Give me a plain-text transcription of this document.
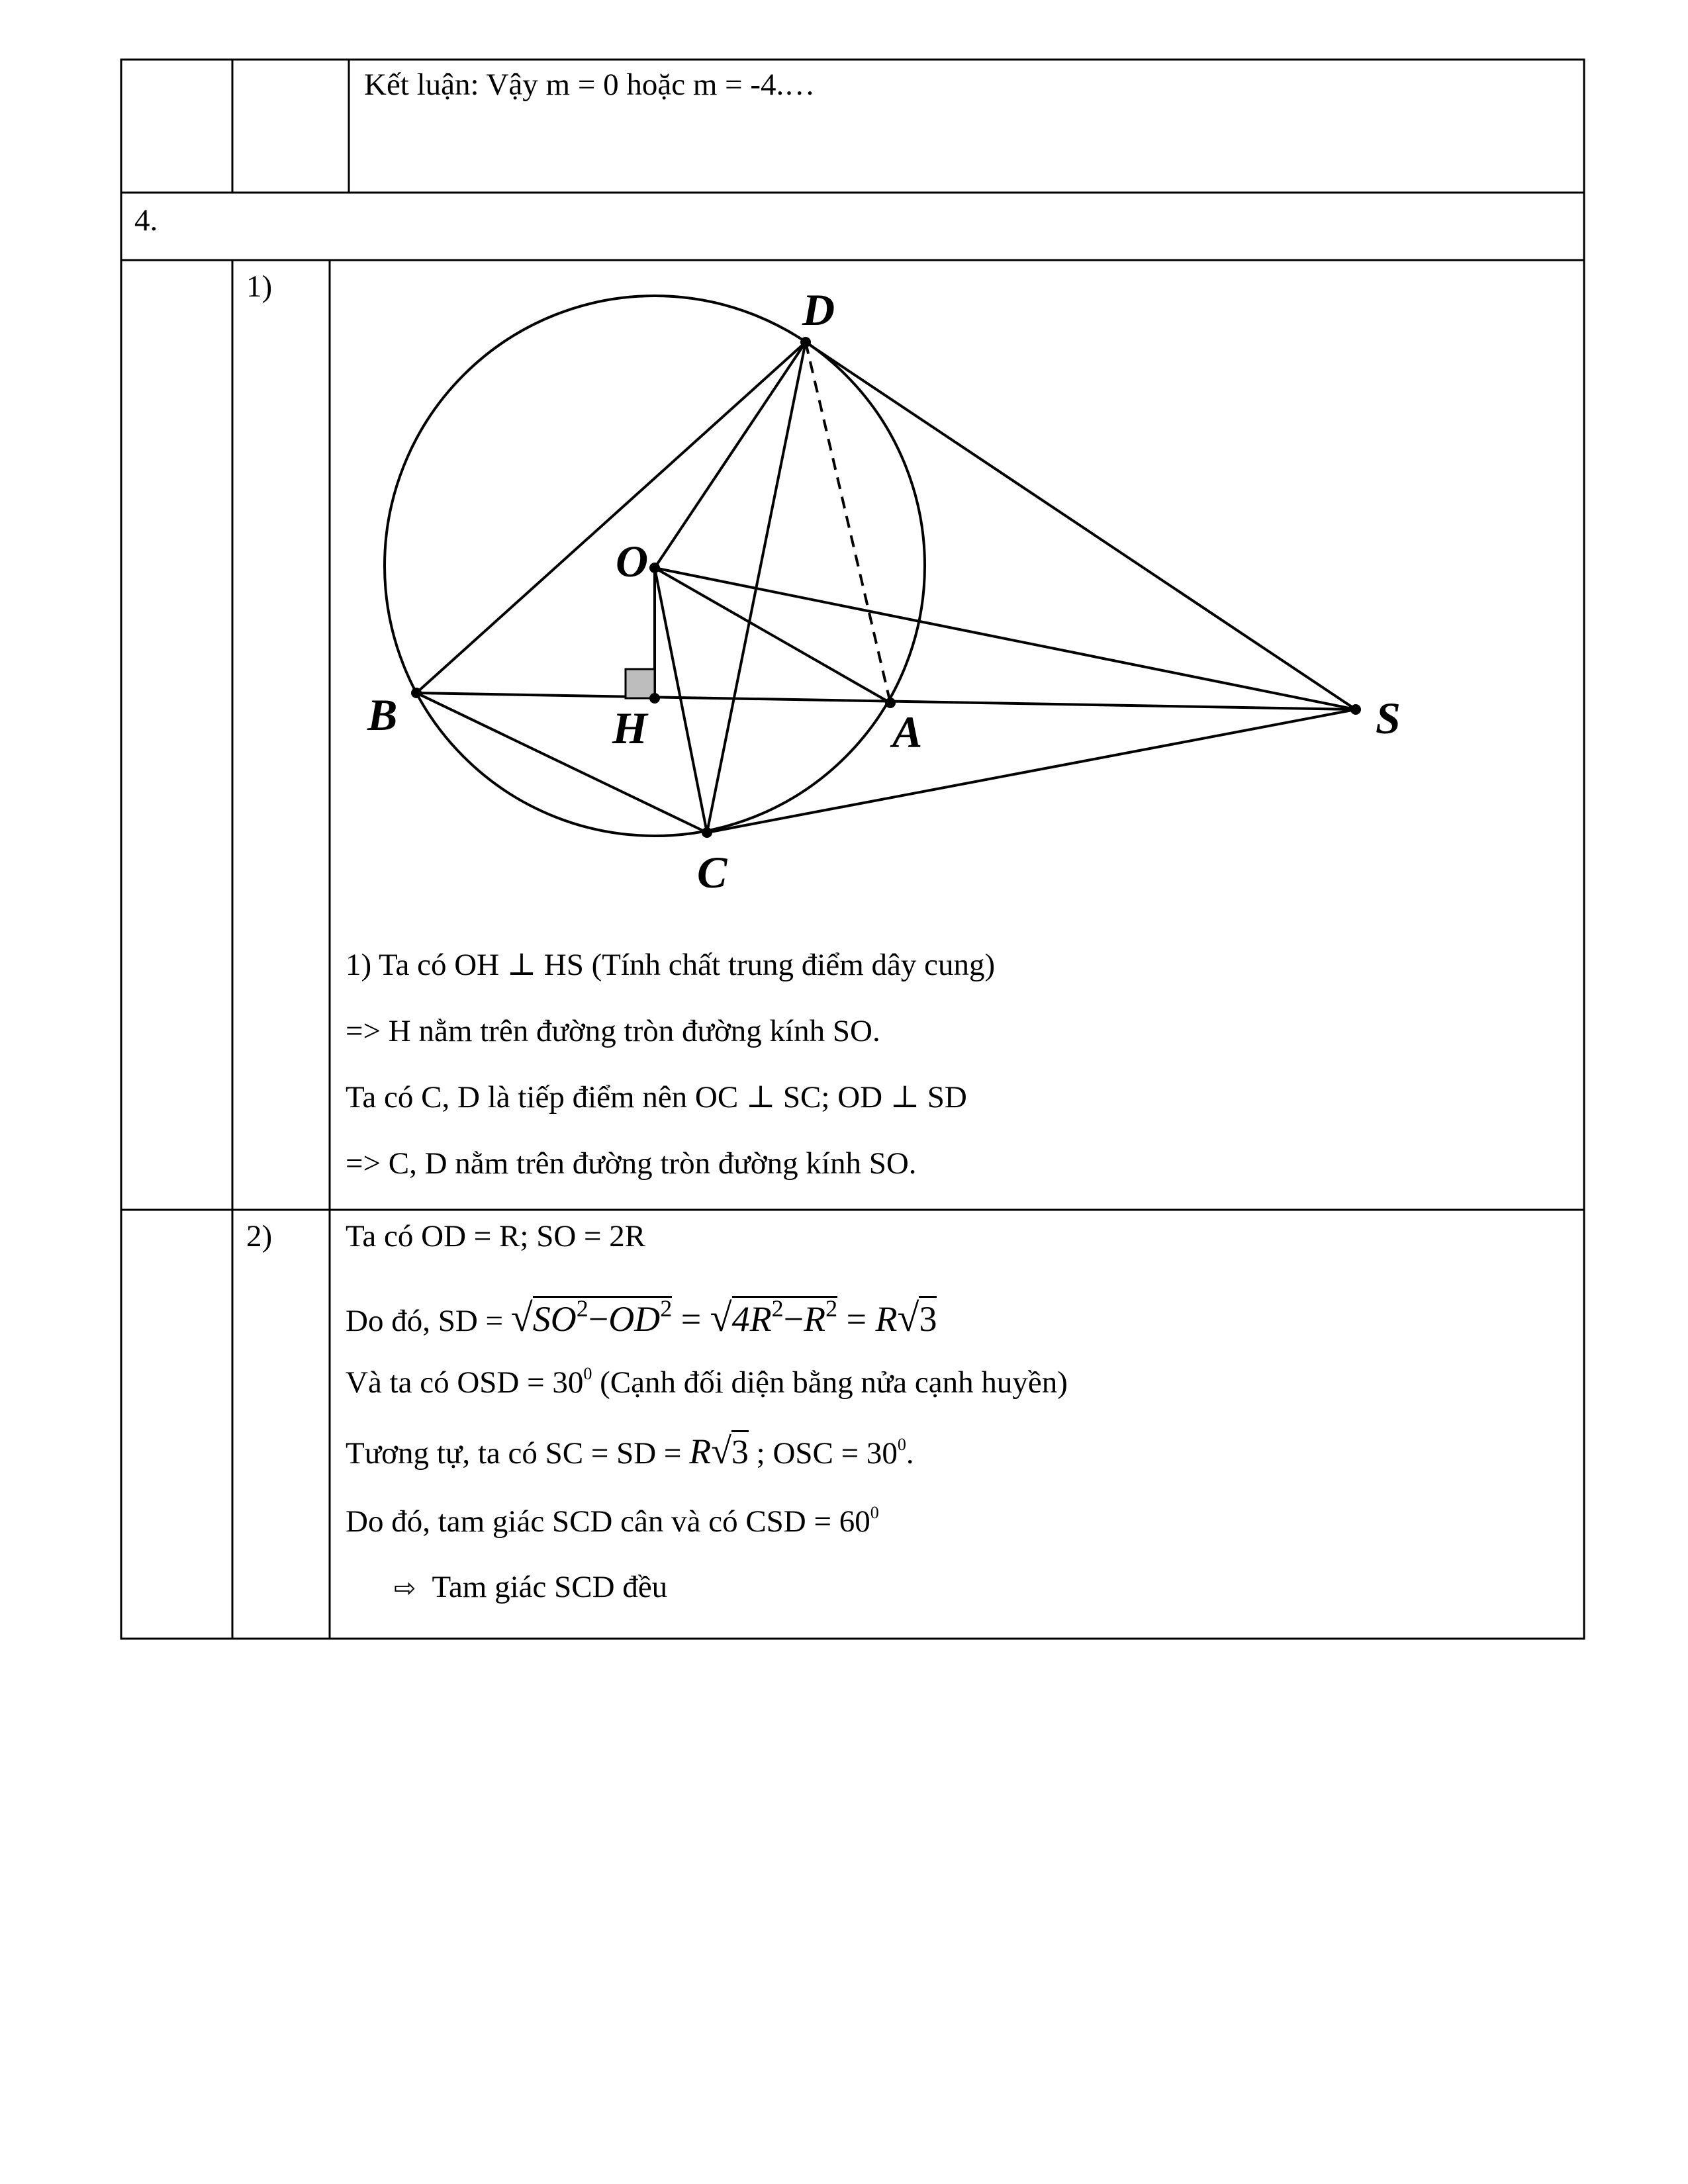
Kết luận: Vậy m = 0 hoặc m = -4.…
4.
1)	D
O
B	H	A	S
C
1) Ta có OH ⊥ HS (Tính chất trung điểm dây cung)
=> H nằm trên đường tròn đường kính SO.
Ta có C, D là tiếp điểm nên OC ⊥ SC; OD ⊥ SD
=> C, D nằm trên đường tròn đường kính SO.
2) Ta có OD = R; SO = 2R
Do đó, SD = $√SO^2-OD^2 = √4R^2-R^2 = R√3$
Và ta có OSD = $30^0$ (Cạnh đối diện bằng nửa cạnh huyền)
Tương tự, ta có SC = SD = R√3 ; OSC = $30^0$.
Do đó, tam giác SCD cân và có CSD = $60^0$
⇨ Tam giác SCD đều
